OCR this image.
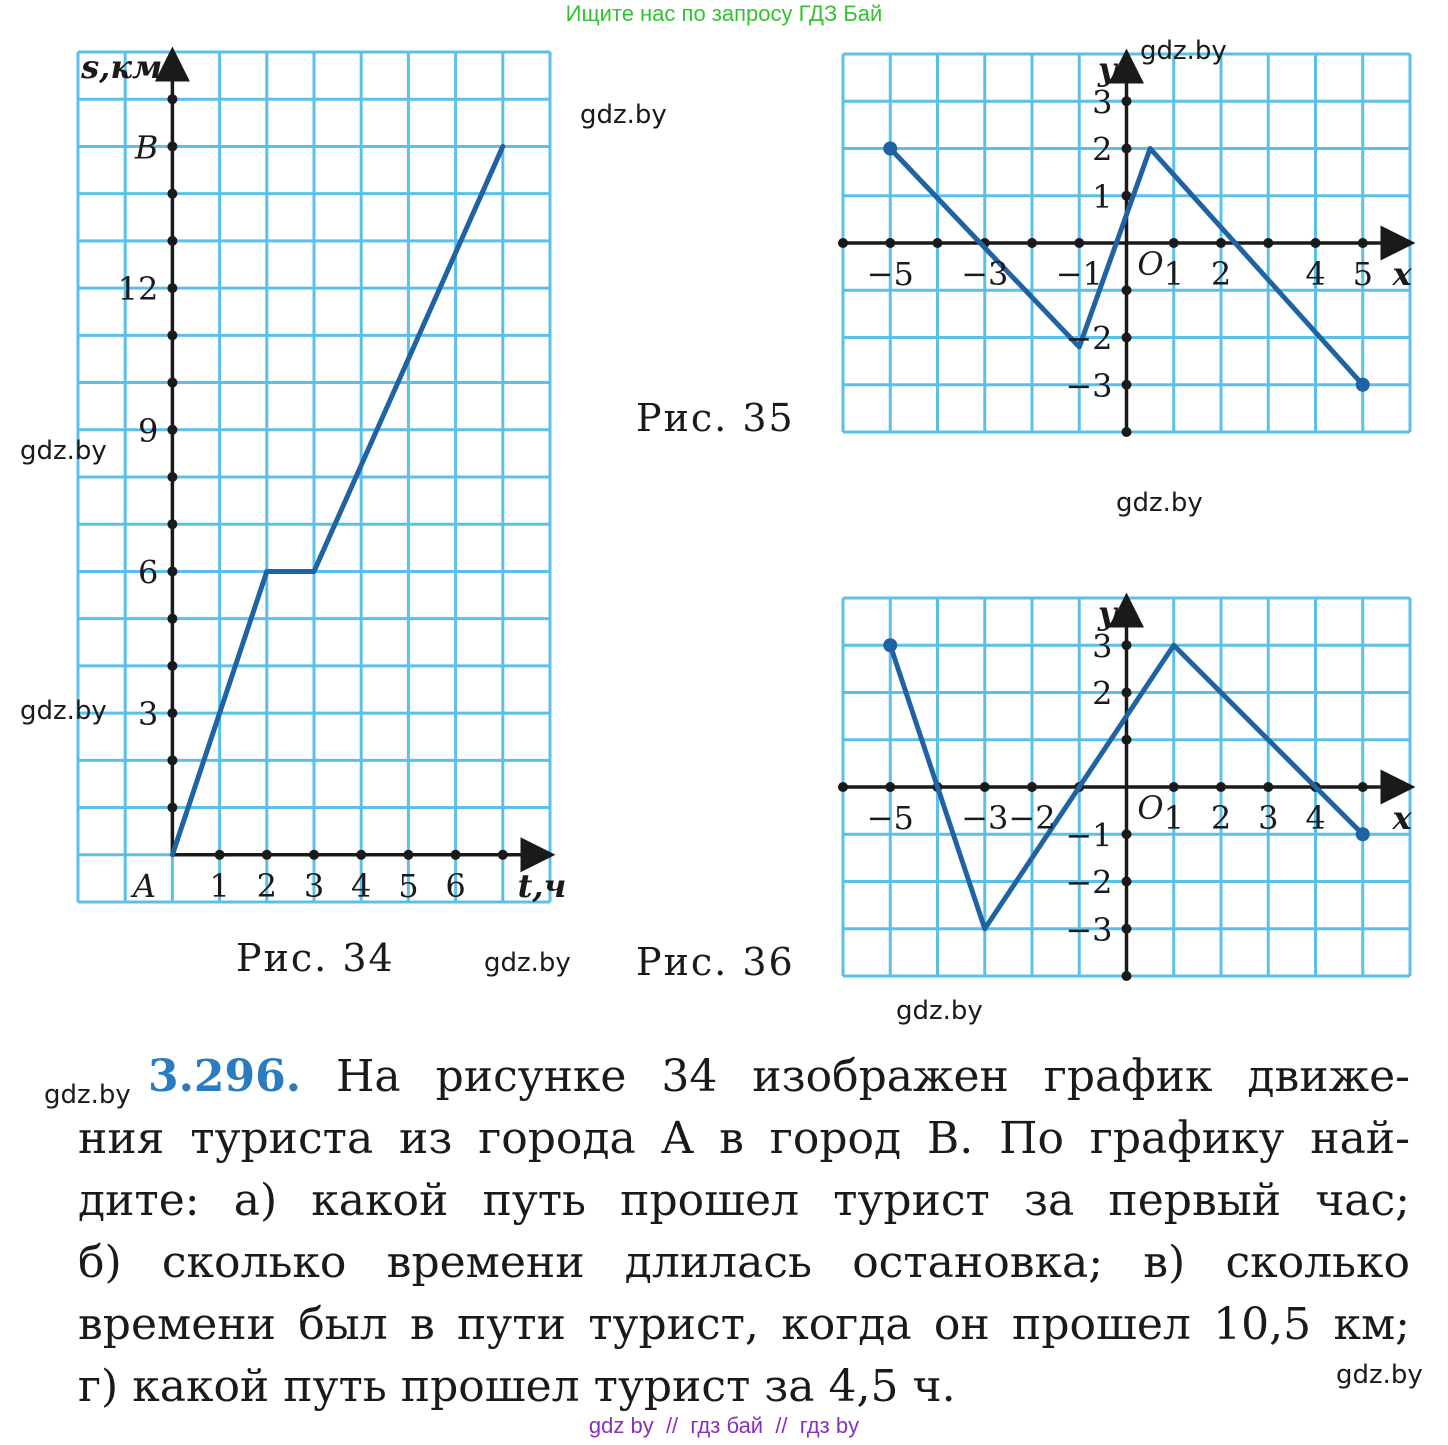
Ищите нас по запросу ГДЗ Бай
1 2 3 4 5 6
3
6
9
12
t,ч
s,км
A
B
−5 −3 −1 1 2 4 5
3
2
1
−2
−3
x
y
O
−5 −3 −2	1 2 3 4
3
2
−1
−2
−3
x
y
O
Рис. 34
Рис. 35
Рис. 36
gdz.by
gdz.by
gdz.by
gdz.by
gdz.by
gdz.by
gdz.by
gdz.by
gdz.by
3.296. На рисунке 34 изображен график движе-
ния туриста из города A в город B. По графику най-
дите: а) какой путь прошел турист за первый час;
б) сколько времени длилась остановка; в) сколько
времени был в пути турист, когда он прошел 10,5 км;
г) какой путь прошел турист за 4,5 ч.
gdz by  //  гдз бай  //  гдз by
